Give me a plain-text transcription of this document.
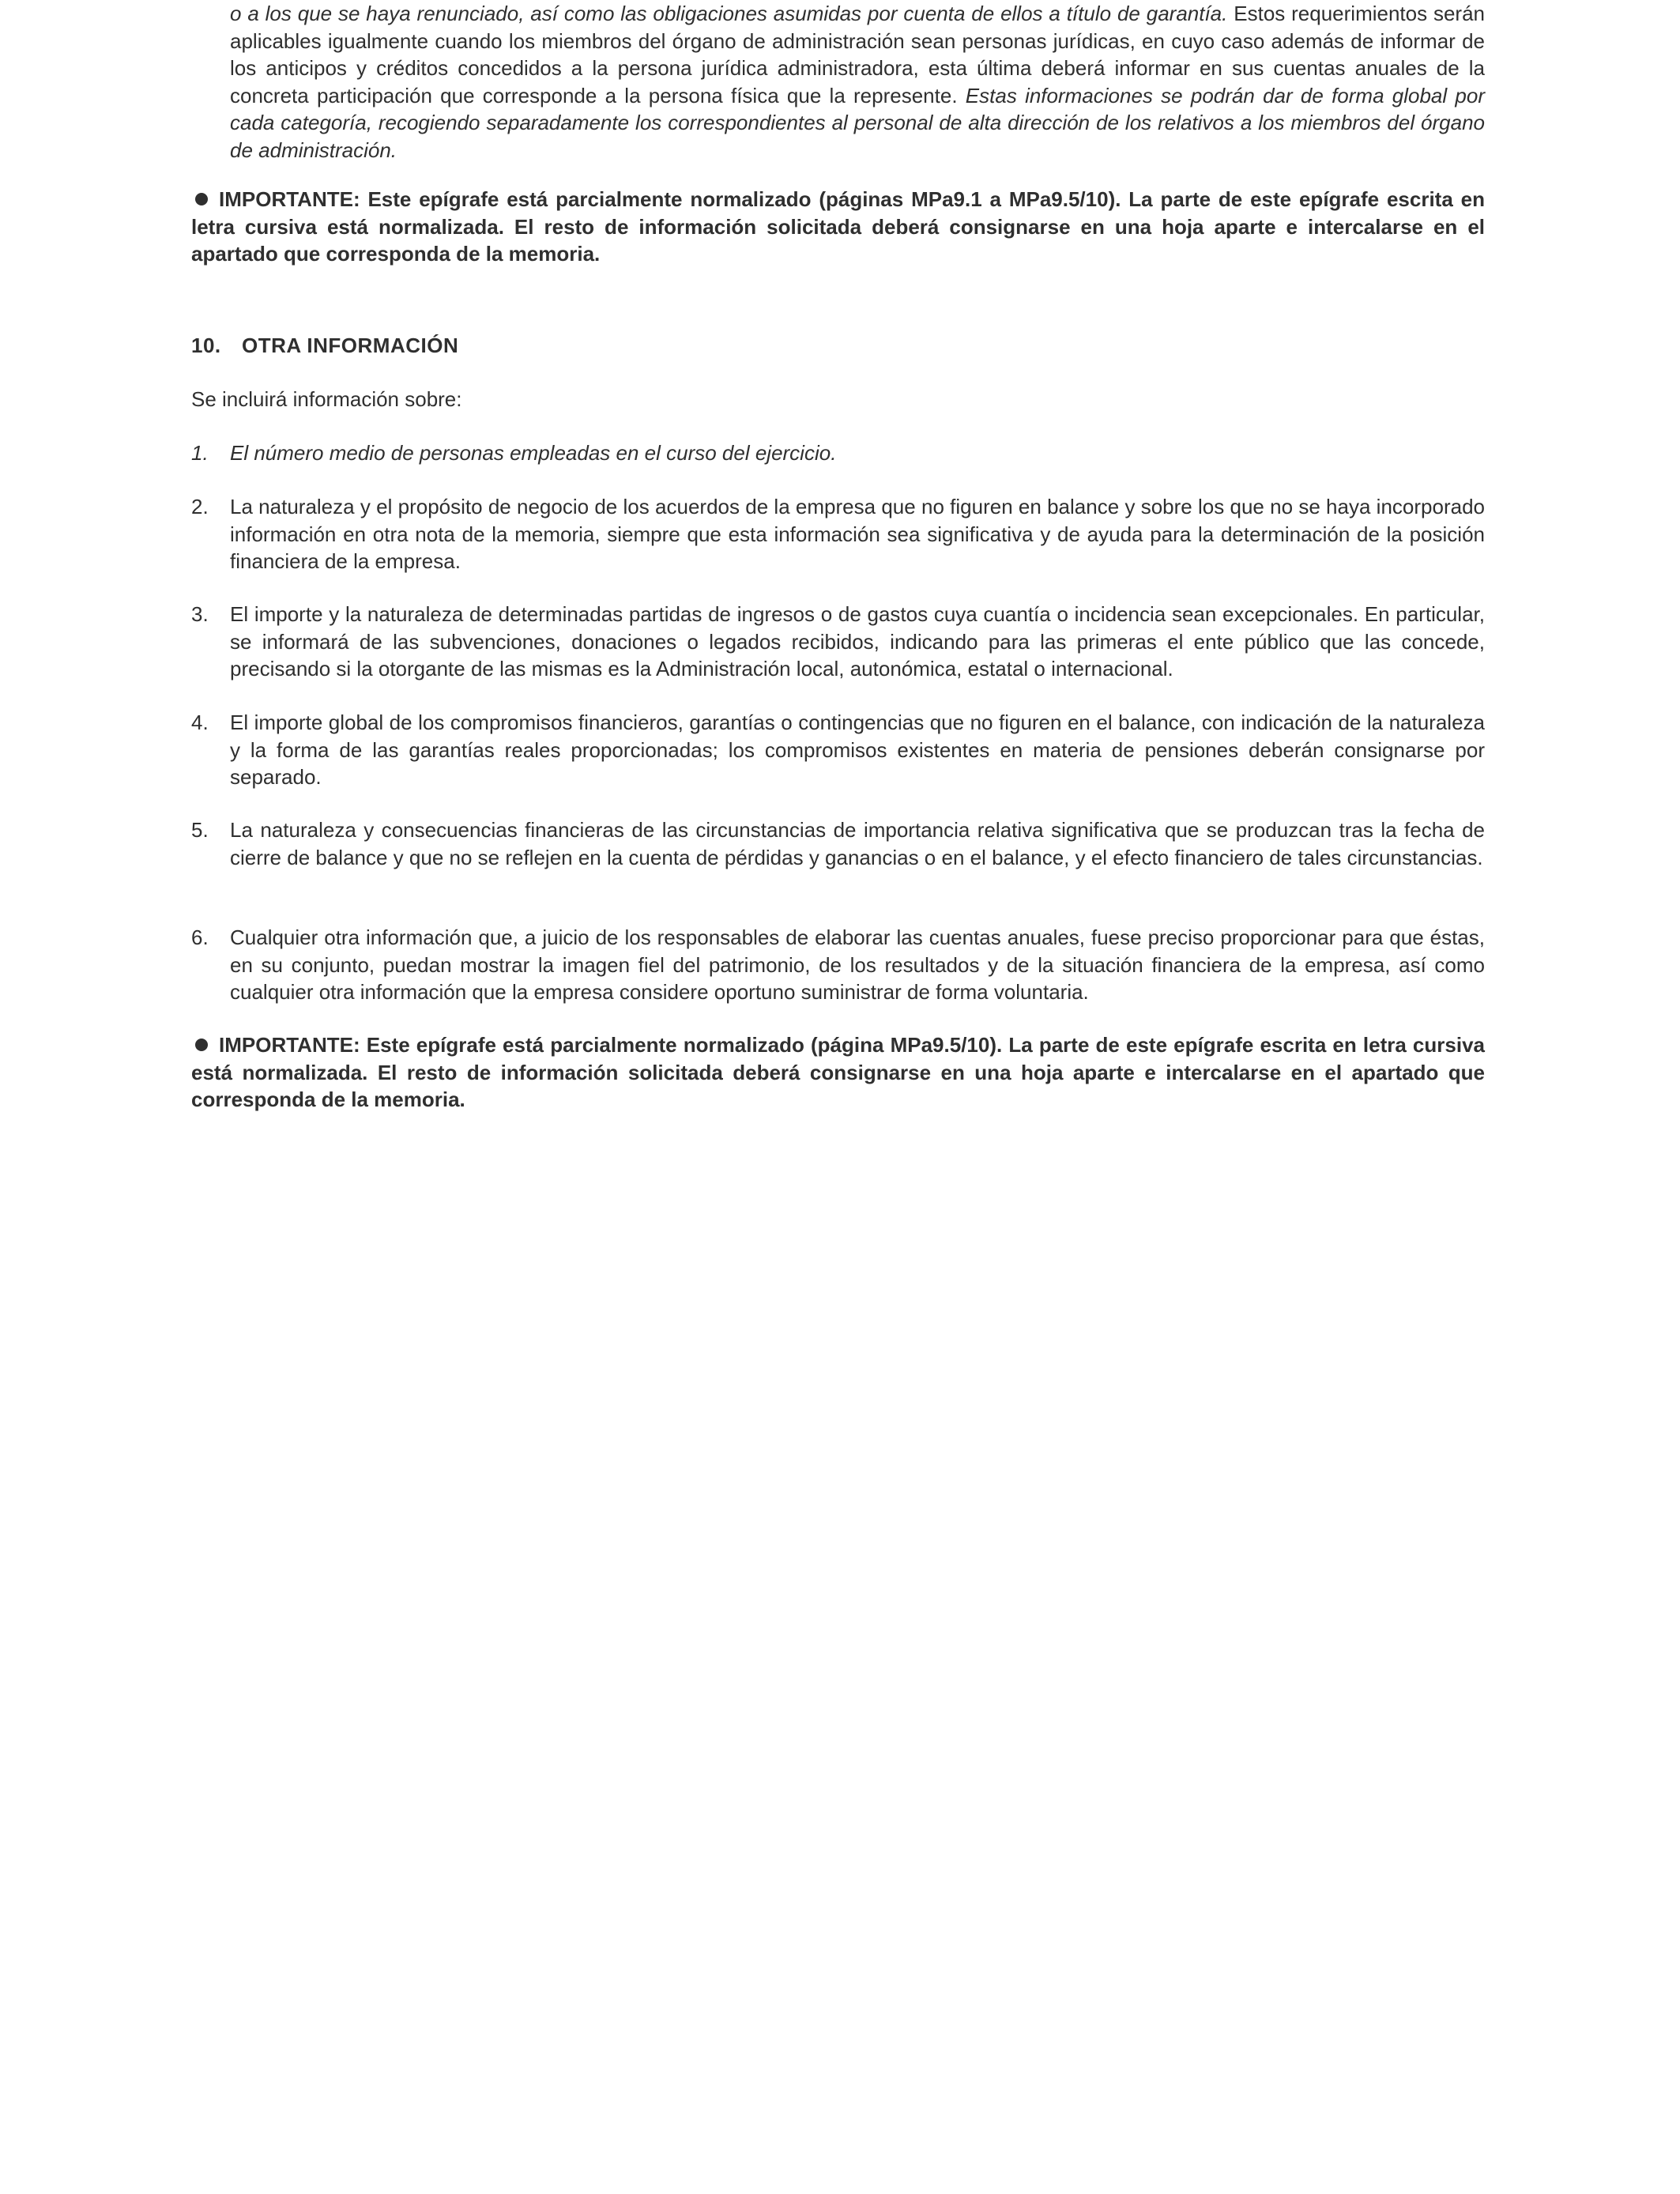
o a los que se haya renunciado, así como las obligaciones asumidas por cuenta de ellos a título de garantía. Estos requerimientos serán aplicables igualmente cuando los miembros del órgano de administración sean personas jurídicas, en cuyo caso además de informar de los anticipos y créditos concedidos a la persona jurídica administradora, esta última deberá informar en sus cuentas anuales de la concreta participación que corresponde a la persona física que la represente. Estas informaciones se podrán dar de forma global por cada categoría, recogiendo separadamente los correspondientes al personal de alta dirección de los relativos a los miembros del órgano de administración.
IMPORTANTE: Este epígrafe está parcialmente normalizado (páginas MPa9.1 a MPa9.5/10). La parte de este epígrafe escrita en letra cursiva está normalizada. El resto de información solicitada deberá consignarse en una hoja aparte e intercalarse en el apartado que corresponda de la memoria.
10. OTRA INFORMACIÓN
Se incluirá información sobre:
1. El número medio de personas empleadas en el curso del ejercicio.
2. La naturaleza y el propósito de negocio de los acuerdos de la empresa que no figuren en balance y sobre los que no se haya incorporado información en otra nota de la memoria, siempre que esta información sea significativa y de ayuda para la determinación de la posición financiera de la empresa.
3. El importe y la naturaleza de determinadas partidas de ingresos o de gastos cuya cuantía o incidencia sean excepcionales. En particular, se informará de las subvenciones, donaciones o legados recibidos, indicando para las primeras el ente público que las concede, precisando si la otorgante de las mismas es la Administración local, autonómica, estatal o internacional.
4. El importe global de los compromisos financieros, garantías o contingencias que no figuren en el balance, con indicación de la naturaleza y la forma de las garantías reales proporcionadas; los compromisos existentes en materia de pensiones deberán consignarse por separado.
5. La naturaleza y consecuencias financieras de las circunstancias de importancia relativa significativa que se produzcan tras la fecha de cierre de balance y que no se reflejen en la cuenta de pérdidas y ganancias o en el balance, y el efecto financiero de tales circunstancias.
6. Cualquier otra información que, a juicio de los responsables de elaborar las cuentas anuales, fuese preciso proporcionar para que éstas, en su conjunto, puedan mostrar la imagen fiel del patrimonio, de los resultados y de la situación financiera de la empresa, así como cualquier otra información que la empresa considere oportuno suministrar de forma voluntaria.
IMPORTANTE: Este epígrafe está parcialmente normalizado (página MPa9.5/10). La parte de este epígrafe escrita en letra cursiva está normalizada. El resto de información solicitada deberá consignarse en una hoja aparte e intercalarse en el apartado que corresponda de la memoria.
